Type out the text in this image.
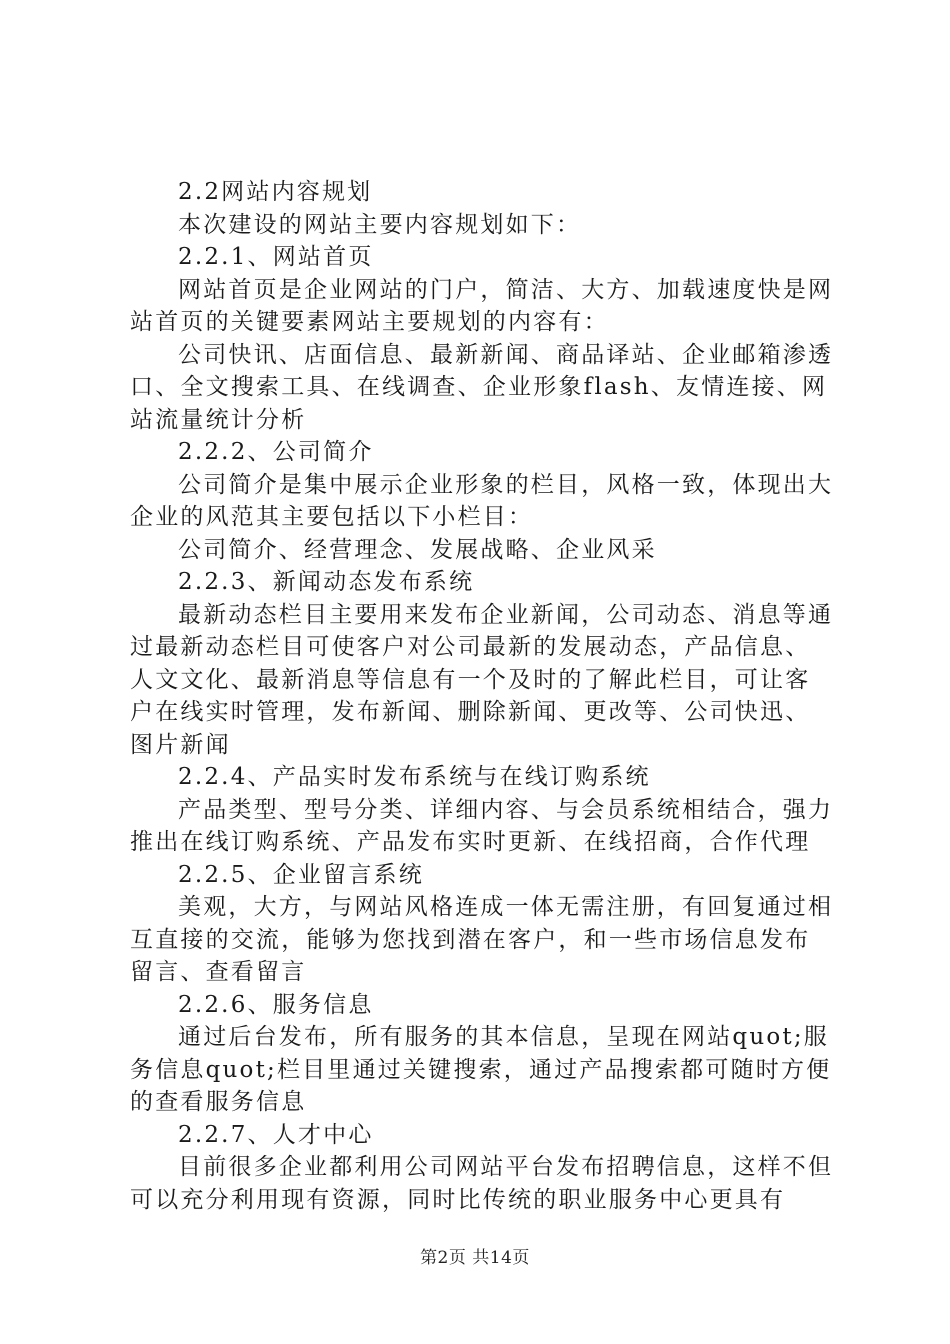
2.2网站内容规划

本次建设的网站主要内容规划如下：

2.2.1、网站首页

网站首页是企业网站的门户，简洁、大方、加载速度快是网站首页的关键要素网站主要规划的内容有：

公司快讯、店面信息、最新新闻、商品译站、企业邮箱渗透口、全文搜索工具、在线调查、企业形象flash、友情连接、网站流量统计分析

2.2.2、公司简介

公司简介是集中展示企业形象的栏目，风格一致，体现出大企业的风范其主要包括以下小栏目：

公司简介、经营理念、发展战略、企业风采

2.2.3、新闻动态发布系统

最新动态栏目主要用来发布企业新闻，公司动态、消息等通过最新动态栏目可使客户对公司最新的发展动态，产品信息、人文文化、最新消息等信息有一个及时的了解此栏目，可让客户在线实时管理，发布新闻、删除新闻、更改等、公司快迅、图片新闻

2.2.4、产品实时发布系统与在线订购系统

产品类型、型号分类、详细内容、与会员系统相结合，强力推出在线订购系统、产品发布实时更新、在线招商，合作代理

2.2.5、企业留言系统

美观，大方，与网站风格连成一体无需注册，有回复通过相互直接的交流，能够为您找到潜在客户，和一些市场信息发布留言、查看留言

2.2.6、服务信息

通过后台发布，所有服务的其本信息，呈现在网站quot;服务信息quot;栏目里通过关键搜索，通过产品搜索都可随时方便的查看服务信息

2.2.7、人才中心

目前很多企业都利用公司网站平台发布招聘信息，这样不但可以充分利用现有资源，同时比传统的职业服务中心更具有

第2页 共14页
